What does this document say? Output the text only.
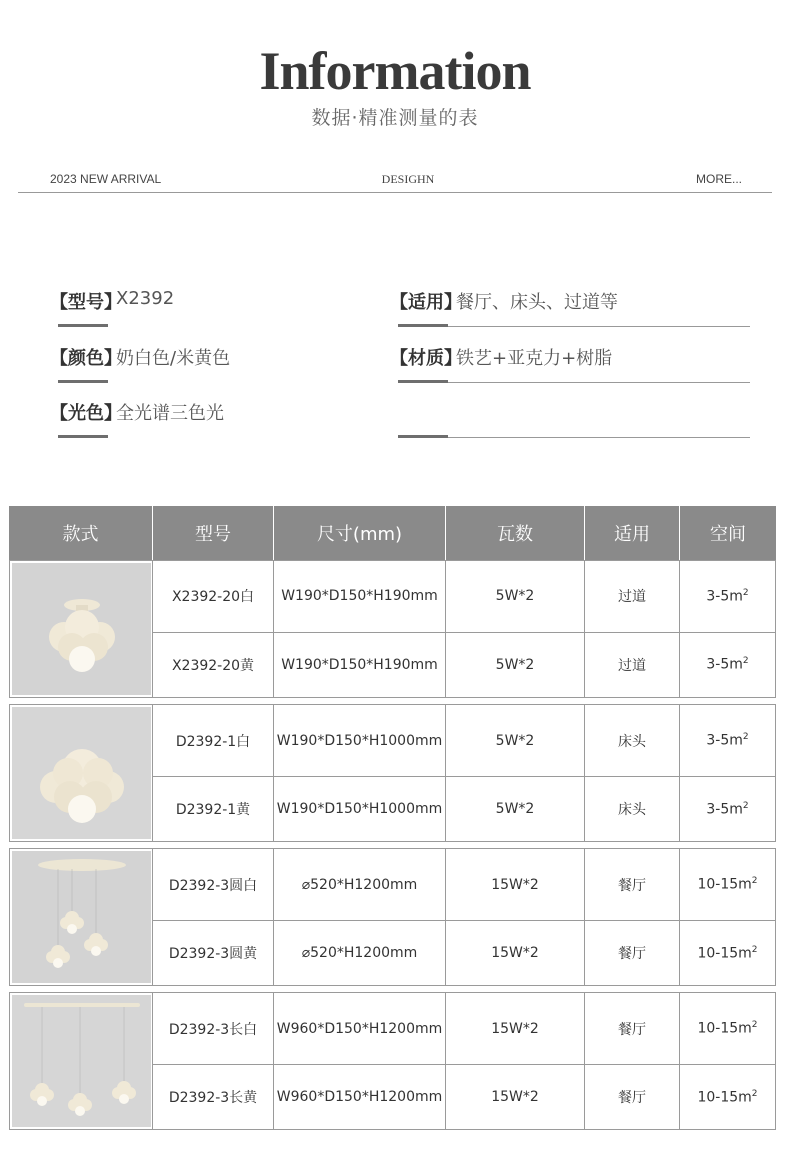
Information
数据·精准测量的表
2023 NEW ARRIVAL	DESIGHN	MORE...
【型号】
X2392	【适用】
餐厅、床头、过道等
【颜色】
奶白色/米黄色	【材质】
铁艺+亚克力+树脂
【光色】
全光谱三色光
款式	型号	尺寸(mm)	瓦数	适用	空间

	X2392-20白	W190*D150*H190mm	5W*2	过道	$3-5m^2$
	X2392-20黄	W190*D150*H190mm	5W*2	过道	$3-5m^2$

	D2392-1白	W190*D150*H1000mm	5W*2	床头	$3-5m^2$
	D2392-1黄	W190*D150*H1000mm	5W*2	床头	$3-5m^2$

	D2392-3圆白	⌀520*H1200mm	15W*2	餐厅	$10-15m^2$
	D2392-3圆黄	⌀520*H1200mm	15W*2	餐厅	$10-15m^2$

	D2392-3长白	W960*D150*H1200mm	15W*2	餐厅	$10-15m^2$
	D2392-3长黄	W960*D150*H1200mm	15W*2	餐厅	$10-15m^2$
